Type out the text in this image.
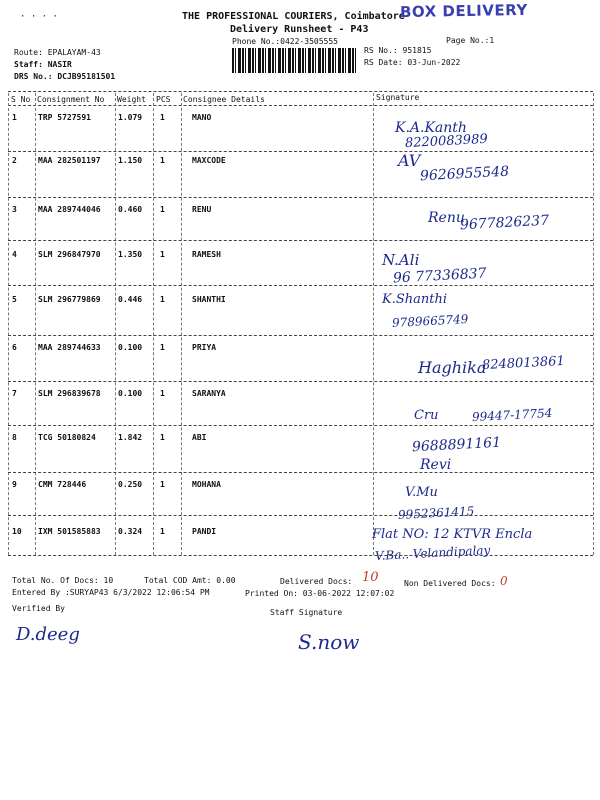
· · · ·	THE PROFESSIONAL COURIERS, Coimbatore
BOX DELIVERY
Delivery Runsheet - P43
Phone No.:0422-3505555	Page No.:1
Route: EPALAYAM-43
Staff: NASIR
DRS No.: DCJB95181501
RS No.: 951815
RS Date: 03-Jun-2022
S No Consignment No Weight PCS Consignee Details	Signature
1	TRP 5727591	1.079 1	MANO
K.A.Kanth
8220083989
2	MAA 282501197 1.150 1	MAXCODE	AV
9626955548
3	MAA 289744046 0.460 1	RENU
Renu
9677826237
4	SLM 296847970 1.350 1	RAMESH	N.Ali
96 77336837
5	SLM 296779869 0.446 1	SHANTHI	K.Shanthi
9789665749
6	MAA 289744633 0.100 1	PRIYA
Haghika
8248013861
7	SLM 296839678 0.100 1	SARANYA
Cru	99447-17754
8	TCG 50180824	1.842 1	ABI
Revi
9688891161
9	CMM 728446	0.250 1	MOHANA
V.Mu
9952361415
10 IXM 501585883 0.324 1	PANDI	Flat NO: 12 KTVR Encla
V.Ba.. Velandipalay
Total No. Of Docs: 10	Total COD Amt: 0.00	Delivered Docs: 10	Non Delivered Docs: 0
Entered By :SURYAP43 6/3/2022 12:06:54 PM	Printed On: 03-06-2022 12:07:02
Verified By	Staff Signature
D.deeg	S.now
